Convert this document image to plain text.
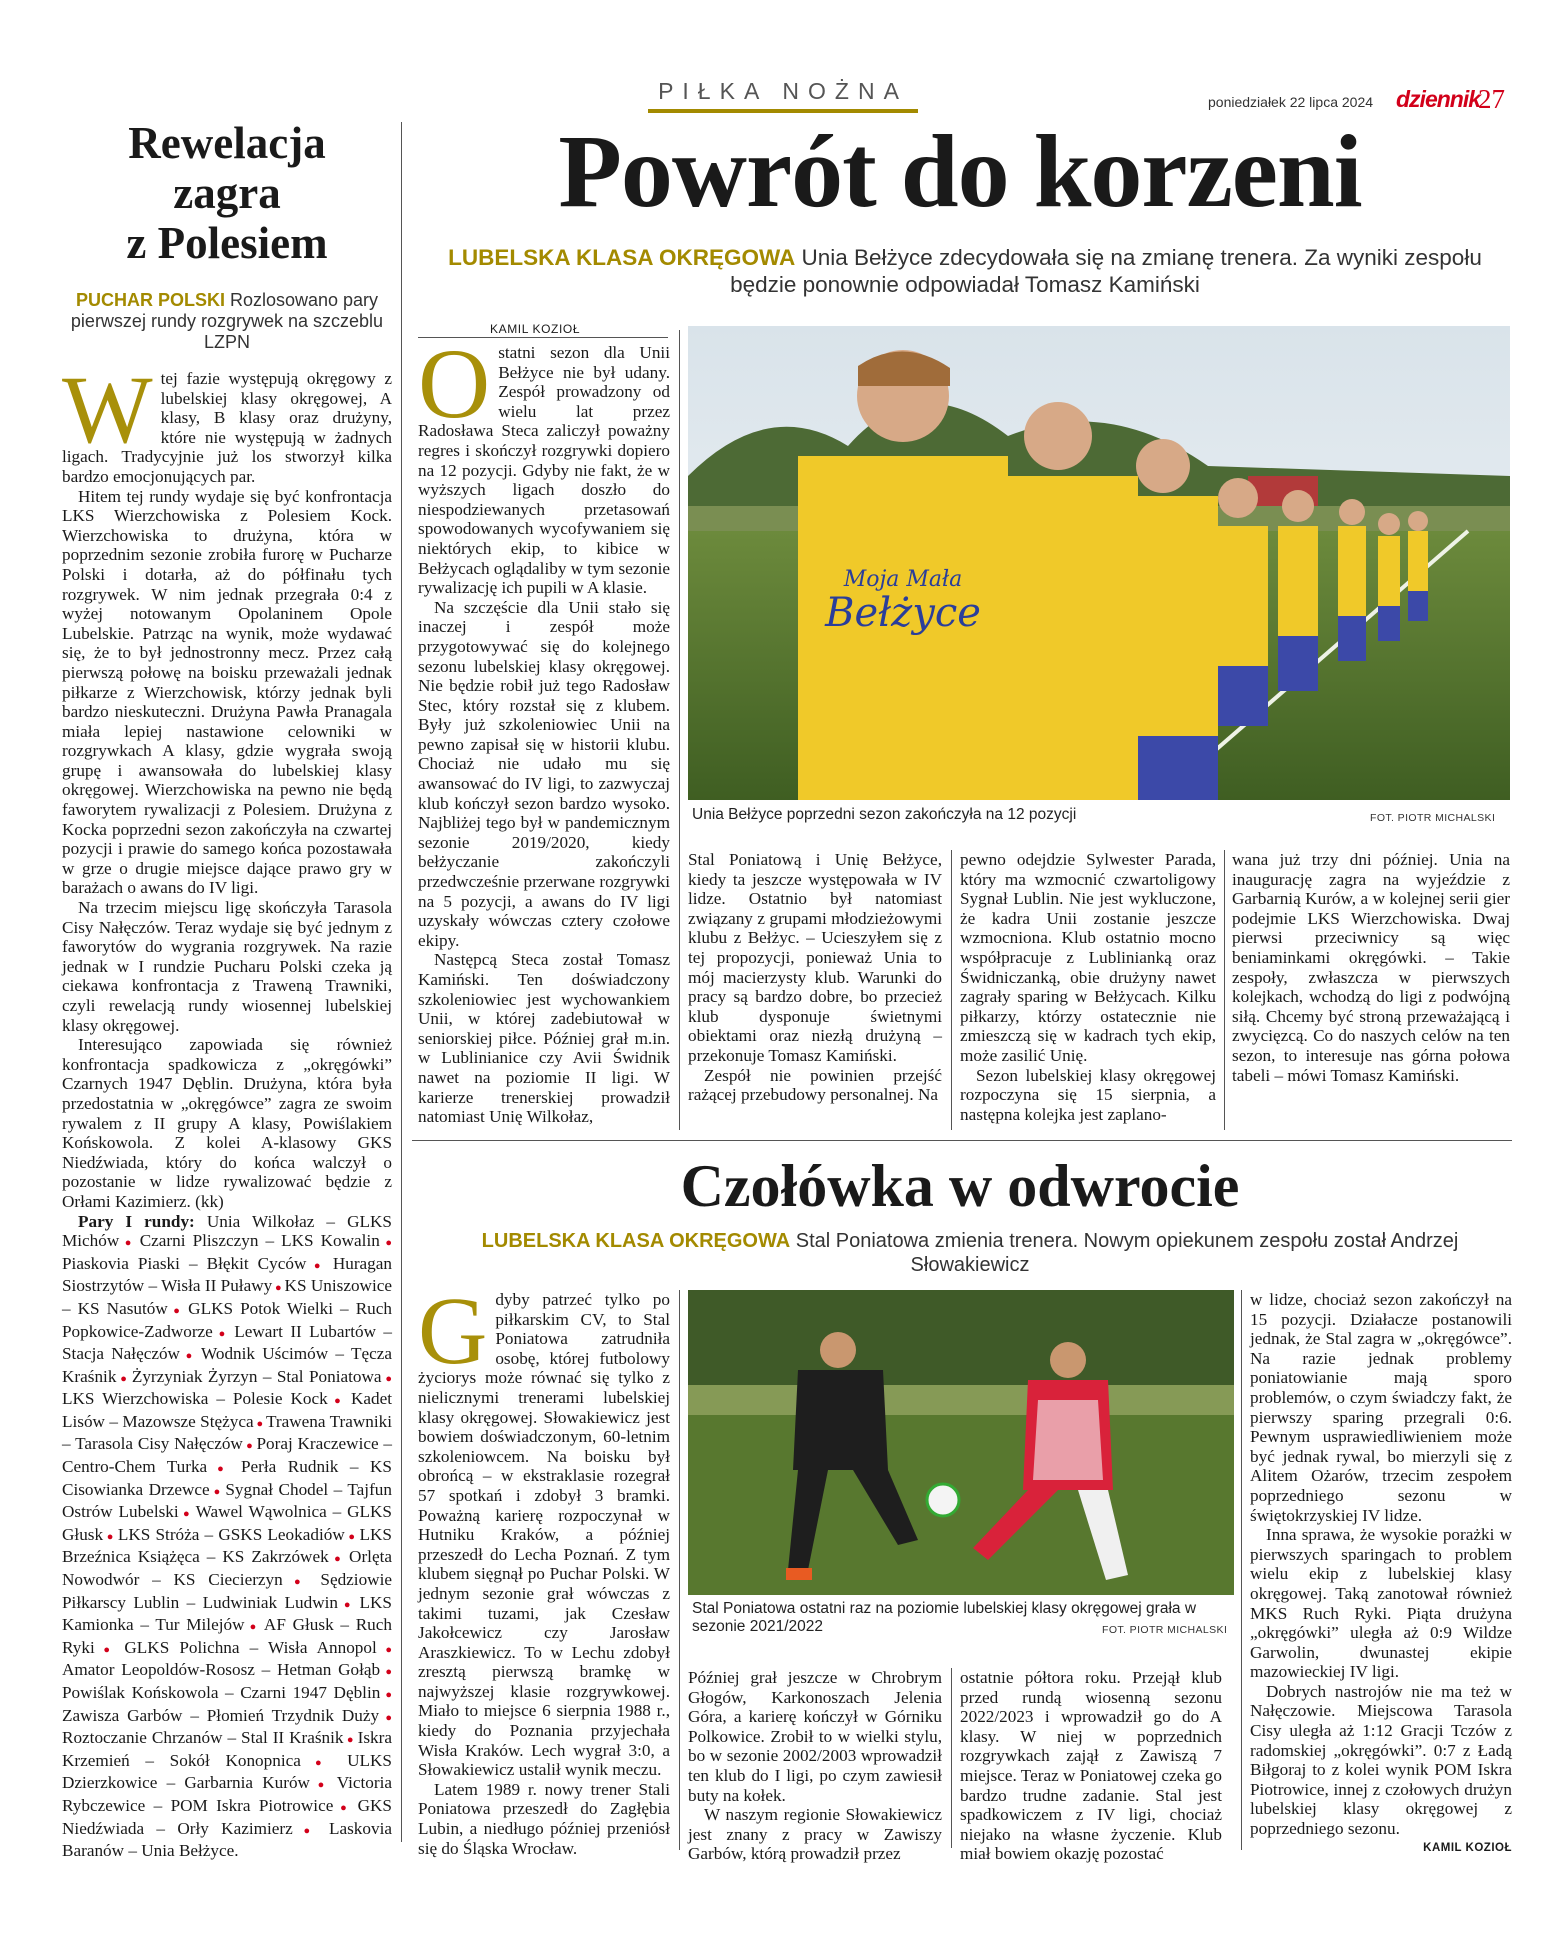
PIŁKA NOŻNA	poniedziałek 22 lipca 2024 dziennik
27
Rewelacja
zagra
z Polesiem
PUCHAR POLSKI Rozlosowano pary pierwszej rundy rozgrywek na szczeblu LZPN

Wtej fazie występują okręgowy z lubelskiej klasy okręgowej, A klasy, B klasy oraz drużyny, które nie występują w żadnych ligach. Tradycyjnie już los stworzył kilka bardzo emocjonujących par.

Hitem tej rundy wydaje się być konfrontacja LKS Wierzchowiska z Polesiem Kock. Wierzchowiska to drużyna, która w poprzednim sezonie zrobiła furorę w Pucharze Polski i dotarła, aż do półfinału tych rozgrywek. W nim jednak przegrała 0:4 z wyżej notowanym Opolaninem Opole Lubelskie. Patrząc na wynik, może wydawać się, że to był jednostronny mecz. Przez całą pierwszą połowę na boisku przeważali jednak piłkarze z Wierzchowisk, którzy jednak byli bardzo nieskuteczni. Drużyna Pawła Pranagala miała lepiej nastawione celowniki w rozgrywkach A klasy, gdzie wygrała swoją grupę i awansowała do lubelskiej klasy okręgowej. Wierzchowiska na pewno nie będą faworytem rywalizacji z Polesiem. Drużyna z Kocka poprzedni sezon zakończyła na czwartej pozycji i prawie do samego końca pozostawała w grze o drugie miejsce dające prawo gry w barażach o awans do IV ligi.

Na trzecim miejscu ligę skończyła Tarasola Cisy Nałęczów. Teraz wydaje się być jednym z faworytów do wygrania rozgrywek. Na razie jednak w I rundzie Pucharu Polski czeka ją ciekawa konfrontacja z Traweną Trawniki, czyli rewelacją rundy wiosennej lubelskiej klasy okręgowej.

Interesująco zapowiada się również konfrontacja spadkowicza z „okręgówki” Czarnych 1947 Dęblin. Drużyna, która była przedostatnia w „okręgówce” zagra ze swoim rywalem z II grupy A klasy, Powiślakiem Końskowola. Z kolei A-klasowy GKS Niedźwiada, który do końca walczył o pozostanie w lidze rywalizować będzie z Orłami Kazimierz. (kk)

Pary I rundy: Unia Wilkołaz – GLKS Michów ● Czarni Pliszczyn – LKS Kowalin ● Piaskovia Piaski – Błękit Cyców ● Huragan Siostrzytów – Wisła II Puławy ● KS Uniszowice – KS Nasutów ● GLKS Potok Wielki – Ruch Popkowice-Zadworze ● Lewart II Lubartów – Stacja Nałęczów ● Wodnik Uścimów – Tęcza Kraśnik ● Żyrzyniak Żyrzyn – Stal Poniatowa ● LKS Wierzchowiska – Polesie Kock ● Kadet Lisów – Mazowsze Stężyca ● Trawena Trawniki – Tarasola Cisy Nałęczów ● Poraj Kraczewice – Centro-Chem Turka ● Perła Rudnik – KS Cisowianka Drzewce ● Sygnał Chodel – Tajfun Ostrów Lubelski ● Wawel Wąwolnica – GLKS Głusk ● LKS Stróża – GSKS Leokadiów ● LKS Brzeźnica Książęca – KS Zakrzówek ● Orlęta Nowodwór – KS Ciecierzyn ● Sędziowie Piłkarscy Lublin – Ludwiniak Ludwin ● LKS Kamionka – Tur Milejów ● AF Głusk – Ruch Ryki ● GLKS Polichna – Wisła Annopol ● Amator Leopoldów-Rososz – Hetman Gołąb ● Powiślak Końskowola – Czarni 1947 Dęblin ● Zawisza Garbów – Płomień Trzydnik Duży ● Roztoczanie Chrzanów – Stal II Kraśnik ● Iskra Krzemień – Sokół Konopnica ● ULKS Dzierzkowice – Garbarnia Kurów ● Victoria Rybczewice – POM Iskra Piotrowice ● GKS Niedźwiada – Orły Kazimierz ● Laskovia Baranów – Unia Bełżyce.

Powrót do korzeni
LUBELSKA KLASA OKRĘGOWA Unia Bełżyce zdecydowała się na zmianę trenera. Za wyniki zespołu będzie ponownie odpowiadał Tomasz Kamiński
KAMIL KOZIOŁ

Ostatni sezon dla Unii Bełżyce nie był udany. Zespół prowadzony od wielu lat przez Radosława Steca zaliczył poważny regres i skończył rozgrywki dopiero na 12 pozycji. Gdyby nie fakt, że w wyższych ligach doszło do niespodziewanych przetasowań spowodowanych wycofywaniem się niektórych ekip, to kibice w Bełżycach oglądaliby w tym sezonie rywalizację ich pupili w A klasie.

Na szczęście dla Unii stało się inaczej i zespół może przygotowywać się do kolejnego sezonu lubelskiej klasy okręgowej. Nie będzie robił już tego Radosław Stec, który rozstał się z klubem. Były już szkoleniowiec Unii na pewno zapisał się w historii klubu. Chociaż nie udało mu się awansować do IV ligi, to zazwyczaj klub kończył sezon bardzo wysoko. Najbliżej tego był w pandemicznym sezonie 2019/2020, kiedy bełżyczanie zakończyli przedwcześnie przerwane rozgrywki na 5 pozycji, a awans do IV ligi uzyskały wówczas cztery czołowe ekipy.

Następcą Steca został Tomasz Kamiński. Ten doświadczony szkoleniowiec jest wychowankiem Unii, w której zadebiutował w seniorskiej piłce. Później grał m.in. w Lublinianice czy Avii Świdnik nawet na poziomie II ligi. W karierze trenerskiej prowadził natomiast Unię Wilkołaz,

Bełżyce
Moja Mała
Unia Bełżyce poprzedni sezon zakończyła na 12 pozycji	FOT. PIOTR MICHALSKI

Stal Poniatową i Unię Bełżyce, kiedy ta jeszcze występowała w IV lidze. Ostatnio był natomiast związany z grupami młodzieżowymi klubu z Bełżyc. – Ucieszyłem się z tej propozycji, ponieważ Unia to mój macierzysty klub. Warunki do pracy są bardzo dobre, bo przecież klub dysponuje świetnymi obiektami oraz niezłą drużyną – przekonuje Tomasz Kamiński.

Zespół nie powinien przejść rażącej przebudowy personalnej. Na

pewno odejdzie Sylwester Parada, który ma wzmocnić czwartoligowy Sygnał Lublin. Nie jest wykluczone, że kadra Unii zostanie jeszcze wzmocniona. Klub ostatnio mocno współpracuje z Lublinianką oraz Świdniczanką, obie drużyny nawet zagrały sparing w Bełżycach. Kilku piłkarzy, którzy ostatecznie nie zmieszczą się w kadrach tych ekip, może zasilić Unię.

Sezon lubelskiej klasy okręgowej rozpoczyna się 15 sierpnia, a następna kolejka jest zaplano-

wana już trzy dni później. Unia na inaugurację zagra na wyjeździe z Garbarnią Kurów, a w kolejnej serii gier podejmie LKS Wierzchowiska. Dwaj pierwsi przeciwnicy są więc beniaminkami okręgówki. – Takie zespoły, zwłaszcza w pierwszych kolejkach, wchodzą do ligi z podwójną siłą. Chcemy być stroną przeważającą i zwycięzcą. Co do naszych celów na ten sezon, to interesuje nas górna połowa tabeli – mówi Tomasz Kamiński.

Czołówka w odwrocie
LUBELSKA KLASA OKRĘGOWA Stal Poniatowa zmienia trenera. Nowym opiekunem zespołu został Andrzej Słowakiewicz

Gdyby patrzeć tylko po piłkarskim CV, to Stal Poniatowa zatrudniła osobę, której futbolowy życiorys może równać się tylko z nielicznymi trenerami lubelskiej klasy okręgowej. Słowakiewicz jest bowiem doświadczonym, 60-letnim szkoleniowcem. Na boisku był obrońcą – w ekstraklasie rozegrał 57 spotkań i zdobył 3 bramki. Poważną karierę rozpoczynał w Hutniku Kraków, a później przeszedł do Lecha Poznań. Z tym klubem sięgnął po Puchar Polski. W jednym sezonie grał wówczas z takimi tuzami, jak Czesław Jakołcewicz czy Jarosław Araszkiewicz. To w Lechu zdobył zresztą pierwszą bramkę w najwyższej klasie rozgrywkowej. Miało to miejsce 6 sierpnia 1988 r., kiedy do Poznania przyjechała Wisła Kraków. Lech wygrał 3:0, a Słowakiewicz ustalił wynik meczu.

Latem 1989 r. nowy trener Stali Poniatowa przeszedł do Zagłębia Lubin, a niedługo później przeniósł się do Śląska Wrocław.

Stal Poniatowa ostatni raz na poziomie lubelskiej klasy okręgowej grała w sezonie 2021/2022	FOT. PIOTR MICHALSKI

Później grał jeszcze w Chrobrym Głogów, Karkonoszach Jelenia Góra, a karierę kończył w Górniku Polkowice. Zrobił to w wielki stylu, bo w sezonie 2002/2003 wprowadził ten klub do I ligi, po czym zawiesił buty na kołek.

W naszym regionie Słowakiewicz jest znany z pracy w Zawiszy Garbów, którą prowadził przez

ostatnie półtora roku. Przejął klub przed rundą wiosenną sezonu 2022/2023 i wprowadził go do A klasy. W niej w poprzednich rozgrywkach zajął z Zawiszą 7 miejsce. Teraz w Poniatowej czeka go bardzo trudne zadanie. Stal jest spadkowiczem z IV ligi, chociaż niejako na własne życzenie. Klub miał bowiem okazję pozostać

w lidze, chociaż sezon zakończył na 15 pozycji. Działacze postanowili jednak, że Stal zagra w „okręgówce”. Na razie jednak problemy poniatowianie mają sporo problemów, o czym świadczy fakt, że pierwszy sparing przegrali 0:6. Pewnym usprawiedliwieniem może być jednak rywal, bo mierzyli się z Alitem Ożarów, trzecim zespołem poprzedniego sezonu w świętokrzyskiej IV lidze.

Inna sprawa, że wysokie porażki w pierwszych sparingach to problem wielu ekip z lubelskiej klasy okręgowej. Taką zanotował również MKS Ruch Ryki. Piąta drużyna „okręgówki” uległa aż 0:9 Wildze Garwolin, dwunastej ekipie mazowieckiej IV ligi.

Dobrych nastrojów nie ma też w Nałęczowie. Miejscowa Tarasola Cisy uległa aż 1:12 Gracji Tczów z radomskiej „okręgówki”. 0:7 z Ładą Biłgoraj to z kolei wynik POM Iskra Piotrowice, innej z czołowych drużyn lubelskiej klasy okręgowej z poprzedniego sezonu.

KAMIL KOZIOŁ
